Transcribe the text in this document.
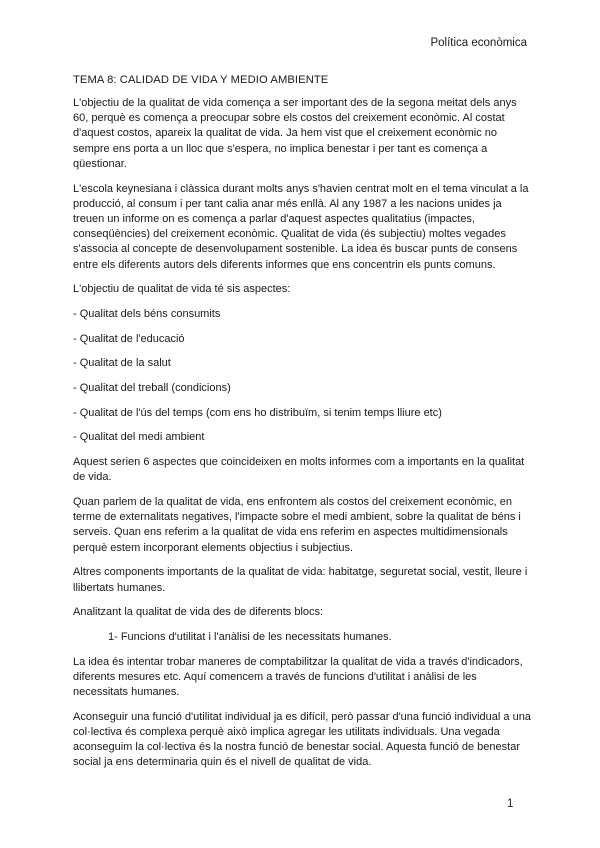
Política econòmica
TEMA 8: CALIDAD DE VIDA Y MEDIO AMBIENTE

L'objectiu de la qualitat de vida comença a ser important des de la segona meitat dels anys 60, perquè es comença a preocupar sobre els costos del creixement econòmic. Al costat d'aquest costos, apareix la qualitat de vida. Ja hem vist que el creixement econòmic no sempre ens porta a un lloc que s'espera, no implica benestar i per tant es comença a qüestionar.

L'escola keynesiana i clàssica durant molts anys s'havien centrat molt en el tema vinculat a la producció, al consum i per tant calia anar més enllà. Al any 1987 a les nacions unides ja treuen un informe on es comença a parlar d'aquest aspectes qualitatius (impactes, conseqüències) del creixement econòmic. Qualitat de vida (és subjectiu) moltes vegades s'associa al concepte de desenvolupament sostenible. La idea és buscar punts de consens entre els diferents autors dels diferents informes que ens concentrin els punts comuns.

L'objectiu de qualitat de vida té sis aspectes:

- Qualitat dels béns consumits

- Qualitat de l'educació

- Qualitat de la salut

- Qualitat del treball (condicions)

- Qualitat de l'ús del temps (com ens ho distribuïm, si tenim temps lliure etc)

- Qualitat del medi ambient

Aquest serien 6 aspectes que coincideixen en molts informes com a importants en la qualitat de vida.

Quan parlem de la qualitat de vida, ens enfrontem als costos del creixement econòmic, en terme de externalitats negatives, l'impacte sobre el medi ambient, sobre la qualitat de béns i serveis. Quan ens referim a la qualitat de vida ens referim en aspectes multidimensionals perquè estem incorporant elements objectius i subjectius.

Altres components importants de la qualitat de vida: habitatge, seguretat social, vestit, lleure i llibertats humanes.

Analitzant la qualitat de vida des de diferents blocs:

1- Funcions d'utilitat i l'anàlisi de les necessitats humanes.

La idea és intentar trobar maneres de comptabilitzar la qualitat de vida a través d'indicadors, diferents mesures etc. Aquí comencem a través de funcions d'utilitat i anàlisi de les necessitats humanes.

Aconseguir una funció d'utilitat individual ja es difícil, però passar d'una funció individual a una col·lectiva és complexa perquè això implica agregar les utilitats individuals. Una vegada aconseguim la col·lectiva és la nostra funció de benestar social. Aquesta funció de benestar social ja ens determinaria quin és el nivell de qualitat de vida.

1
